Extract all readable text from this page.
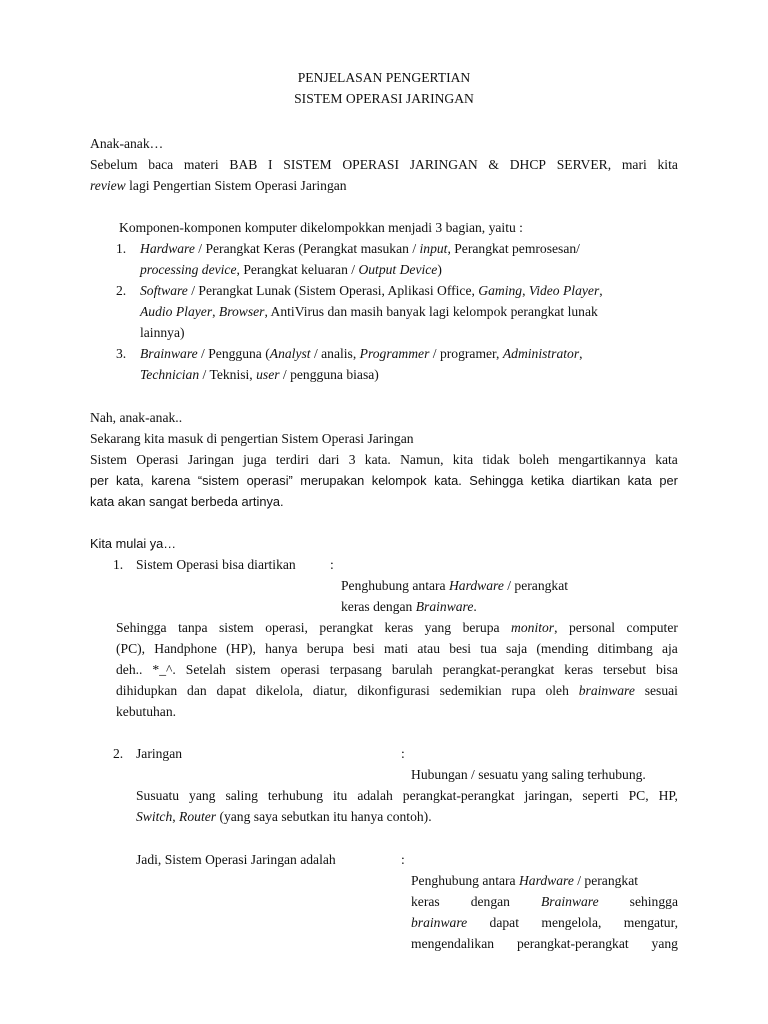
PENJELASAN PENGERTIAN
SISTEM OPERASI JARINGAN
Anak-anak…
Sebelum baca materi BAB I SISTEM OPERASI JARINGAN & DHCP SERVER, mari kita
review lagi Pengertian Sistem Operasi Jaringan
Komponen-komponen komputer dikelompokkan menjadi 3 bagian, yaitu :
1. Hardware / Perangkat Keras (Perangkat masukan / input, Perangkat pemrosesan/
processing device, Perangkat keluaran / Output Device)
2. Software / Perangkat Lunak (Sistem Operasi, Aplikasi Office, Gaming, Video Player,
Audio Player, Browser, AntiVirus dan masih banyak lagi kelompok perangkat lunak
lainnya)
3. Brainware / Pengguna (Analyst / analis, Programmer / programer, Administrator,
Technician / Teknisi, user / pengguna biasa)
Nah, anak-anak..
Sekarang kita masuk di pengertian Sistem Operasi Jaringan
Sistem Operasi Jaringan juga terdiri dari 3 kata. Namun, kita tidak boleh mengartikannya kata
per kata, karena “sistem operasi” merupakan kelompok kata. Sehingga ketika diartikan kata per
kata akan sangat berbeda artinya.
Kita mulai ya…
1. Sistem Operasi bisa diartikan	:
Penghubung antara Hardware / perangkat
keras dengan Brainware.
Sehingga tanpa sistem operasi, perangkat keras yang berupa monitor, personal computer
(PC), Handphone (HP), hanya berupa besi mati atau besi tua saja (mending ditimbang aja
deh.. *_^. Setelah sistem operasi terpasang barulah perangkat-perangkat keras tersebut bisa
dihidupkan dan dapat dikelola, diatur, dikonfigurasi sedemikian rupa oleh brainware sesuai
kebutuhan.
2. Jaringan	:
Hubungan / sesuatu yang saling terhubung.
Susuatu yang saling terhubung itu adalah perangkat-perangkat jaringan, seperti PC, HP,
Switch, Router (yang saya sebutkan itu hanya contoh).
Jadi, Sistem Operasi Jaringan adalah	:
Penghubung antara Hardware / perangkat
keras dengan Brainware sehingga
brainware dapat mengelola, mengatur,
mengendalikan perangkat-perangkat yang
